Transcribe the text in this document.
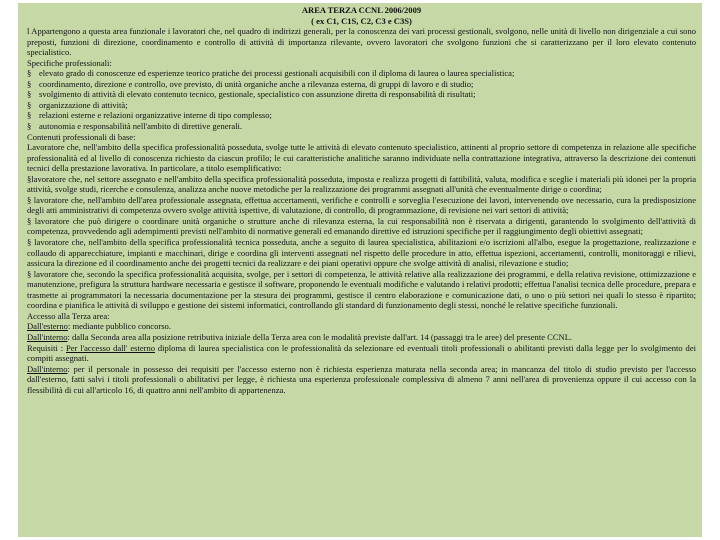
AREA TERZA CCNL 2006/2009

( ex C1, C1S, C2, C3 e C3S)

l Appartengono a questa area funzionale i lavoratori che, nel quadro di indirizzi generali, per la conoscenza dei vari processi gestionali, svolgono, nelle unità di livello non dirigenziale a cui sono preposti, funzioni di direzione, coordinamento e controllo di attività di importanza rilevante, ovvero lavoratori che svolgono funzioni che si caratterizzano per il loro elevato contenuto specialistico.

Specifiche professionali:

§ elevato grado di conoscenze ed esperienze teorico pratiche dei processi gestionali acquisibili con il diploma di laurea o laurea specialistica;

§ coordinamento, direzione e controllo, ove previsto, di unità organiche anche a rilevanza esterna, di gruppi di lavoro e di studio;

§ svolgimento di attività di elevato contenuto tecnico, gestionale, specialistico con assunzione diretta di responsabilità di risultati;

§ organizzazione di attività;

§ relazioni esterne e relazioni organizzative interne di tipo complesso;

§ autonomia e responsabilità nell'ambito di direttive generali.

Contenuti professionali di base:

Lavoratore che, nell'ambito della specifica professionalità posseduta, svolge tutte le attività di elevato contenuto specialistico, attinenti al proprio settore di competenza in relazione alle specifiche professionalità ed al livello di conoscenza richiesto da ciascun profilo; le cui caratteristiche analitiche saranno individuate nella contrattazione integrativa, attraverso la descrizione dei contenuti tecnici della prestazione lavorativa. In particolare, a titolo esemplificativo:

§lavoratore che, nel settore assegnato e nell'ambito della specifica professionalità posseduta, imposta e realizza progetti di fattibilità, valuta, modifica e sceglie i materiali più idonei per la propria attività, svolge studi, ricerche e consulenza, analizza anche nuove metodiche per la realizzazione dei programmi assegnati all'unità che eventualmente dirige o coordina;

§ lavoratore che, nell'ambito dell'area professionale assegnata, effettua accertamenti, verifiche e controlli e sorveglia l'esecuzione dei lavori, intervenendo ove necessario, cura la predisposizione degli atti amministrativi di competenza ovvero svolge attività ispettive, di valutazione, di controllo, di programmazione, di revisione nei vari settori di attività;

§ lavoratore che può dirigere o coordinare unità organiche o strutture anche di rilevanza esterna, la cui responsabilità non è riservata a dirigenti, garantendo lo svolgimento dell'attività di competenza, provvedendo agli adempimenti previsti nell'ambito di normative generali ed emanando direttive ed istruzioni specifiche per il raggiungimento degli obiettivi assegnati;

§ lavoratore che, nell'ambito della specifica professionalità tecnica posseduta, anche a seguito di laurea specialistica, abilitazioni e/o iscrizioni all'albo, esegue la progettazione, realizzazione e collaudo di apparecchiature, impianti e macchinari, dirige e coordina gli interventi assegnati nel rispetto delle procedure in atto, effettua ispezioni, accertamenti, controlli, monitoraggi e rilievi, assicura la direzione ed il coordinamento anche dei progetti tecnici da realizzare e dei piani operativi oppure che svolge attività di analisi, rilevazione e studio;

§ lavoratore che, secondo la specifica professionalità acquisita, svolge, per i settori di competenza, le attività relative alla realizzazione dei programmi, e della relativa revisione, ottimizzazione e manutenzione, prefigura la struttura hardware necessaria e gestisce il software, proponendo le eventuali modifiche e valutando i relativi prodotti; effettua l'analisi tecnica delle procedure, prepara e trasmette ai programmatori la necessaria documentazione per la stesura dei programmi, gestisce il centro elaborazione e comunicazione dati, o uno o più settori nei quali lo stesso è ripartito; coordina e pianifica le attività di sviluppo e gestione dei sistemi informatici, controllando gli standard di funzionamento degli stessi, nonché le relative specifiche funzionali.

Accesso alla Terza area:

Dall'esterno: mediante pubblico concorso.

Dall'interno: dalla Seconda area alla posizione retributiva iniziale della Terza area con le modalità previste dall'art. 14 (passaggi tra le aree) del presente CCNL.

Requisiti : Per l'accesso dall' esterno diploma di laurea specialistica con le professionalità da selezionare ed eventuali titoli professionali o abilitanti previsti dalla legge per lo svolgimento dei compiti assegnati.

Dall'interno: per il personale in possesso dei requisiti per l'accesso esterno non è richiesta esperienza maturata nella seconda area; in mancanza del titolo di studio previsto per l'accesso dall'esterno, fatti salvi i titoli professionali o abilitativi per legge, è richiesta una esperienza professionale complessiva di almeno 7 anni nell'area di provenienza oppure il cui accesso con la flessibilità di cui all'articolo 16, di quattro anni nell'ambito di appartenenza.
